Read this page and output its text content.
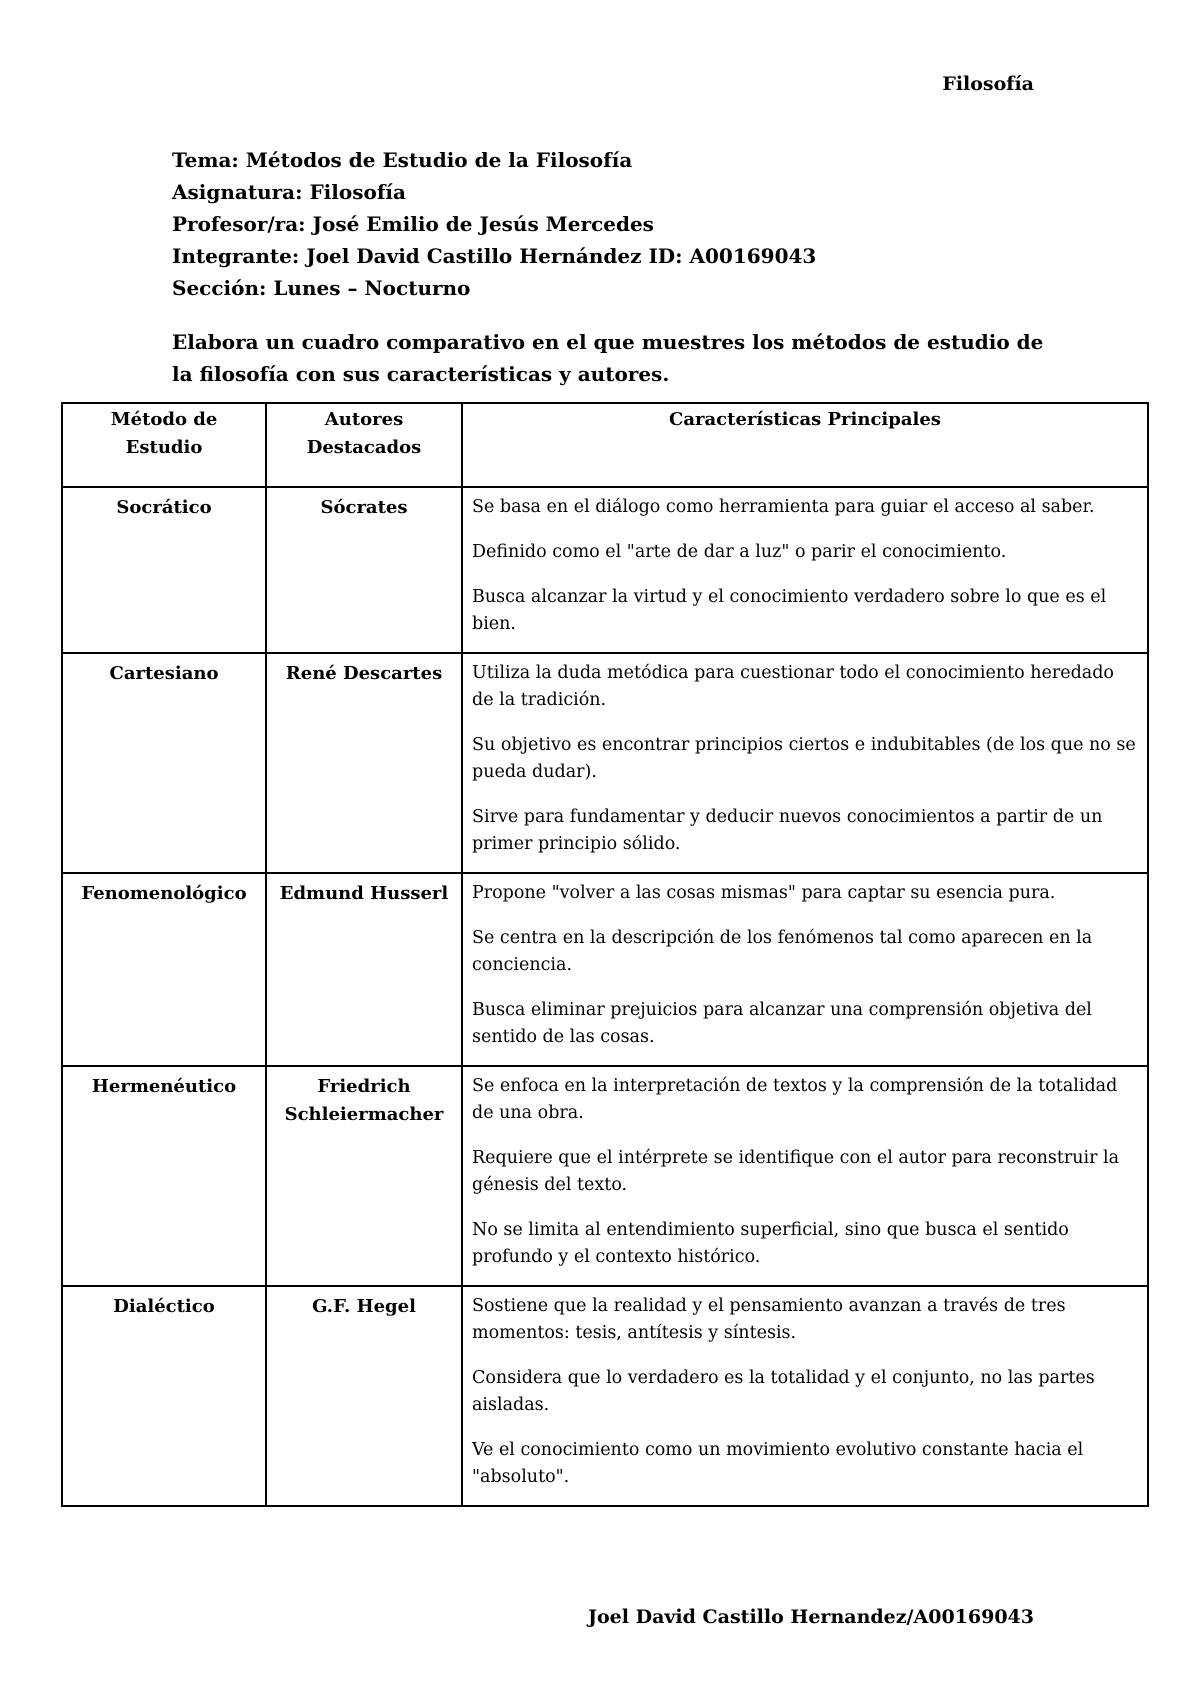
Filosofía
Tema: Métodos de Estudio de la Filosofía
Asignatura: Filosofía
Profesor/ra: José Emilio de Jesús Mercedes
Integrante: Joel David Castillo Hernández ID: A00169043
Sección: Lunes – Nocturno
Elabora un cuadro comparativo en el que muestres los métodos de estudio de la filosofía con sus características y autores.
Método de Estudio	Autores Destacados	Características Principales
Socrático	Sócrates	Se basa en el diálogo como herramienta para guiar el acceso al saber.

Definido como el "arte de dar a luz" o parir el conocimiento.

Busca alcanzar la virtud y el conocimiento verdadero sobre lo que es el bien.

Cartesiano	René Descartes	Utiliza la duda metódica para cuestionar todo el conocimiento heredado de la tradición.

Su objetivo es encontrar principios ciertos e indubitables (de los que no se pueda dudar).

Sirve para fundamentar y deducir nuevos conocimientos a partir de un primer principio sólido.

Fenomenológico	Edmund Husserl	Propone "volver a las cosas mismas" para captar su esencia pura.

Se centra en la descripción de los fenómenos tal como aparecen en la conciencia.

Busca eliminar prejuicios para alcanzar una comprensión objetiva del sentido de las cosas.

Hermenéutico	Friedrich Schleiermacher	Se enfoca en la interpretación de textos y la comprensión de la totalidad de una obra.

Requiere que el intérprete se identifique con el autor para reconstruir la génesis del texto.

No se limita al entendimiento superficial, sino que busca el sentido profundo y el contexto histórico.

Dialéctico	G.F. Hegel	Sostiene que la realidad y el pensamiento avanzan a través de tres momentos: tesis, antítesis y síntesis.

Considera que lo verdadero es la totalidad y el conjunto, no las partes aisladas.

Ve el conocimiento como un movimiento evolutivo constante hacia el "absoluto".

Joel David Castillo Hernandez/A00169043
